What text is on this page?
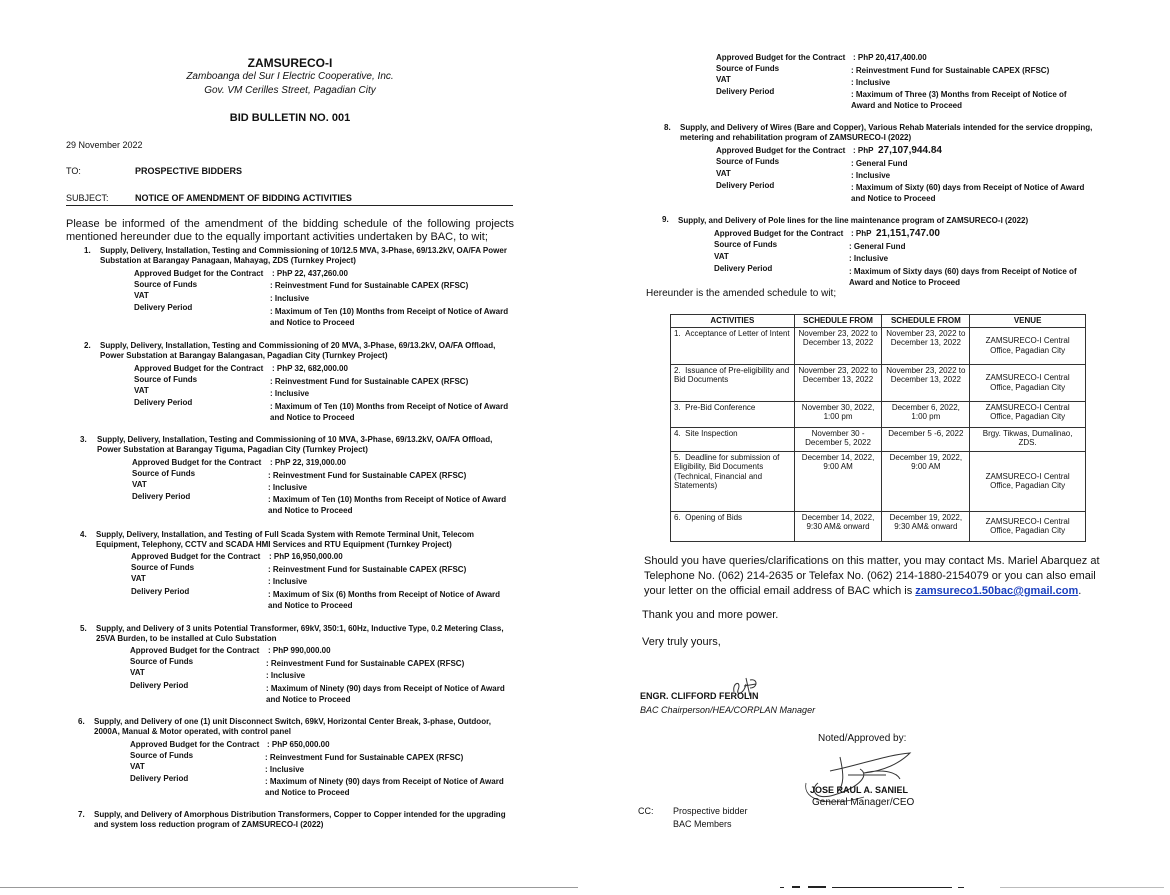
ZAMSURECO-I
Zamboanga del Sur I Electric Cooperative, Inc.
Gov. VM Cerilles Street, Pagadian City
BID BULLETIN NO. 001
29 November 2022
TO:	PROSPECTIVE BIDDERS
SUBJECT:	NOTICE OF AMENDMENT OF BIDDING ACTIVITIES
Please be informed of the amendment of the bidding schedule of the following projects mentioned hereunder due to the equally important activities undertaken by BAC, to wit;
1. Supply, Delivery, Installation, Testing and Commissioning of 10/12.5 MVA, 3-Phase, 69/13.2kV, OA/FA Power Substation at Barangay Panagaan, Mahayag, ZDS (Turnkey Project)
Approved Budget for the Contract : PhP 22, 437,260.00
Source of Funds	: Reinvestment Fund for Sustainable CAPEX (RFSC)
VAT	: Inclusive
Delivery Period	: Maximum of Ten (10) Months from Receipt of Notice of Award and Notice to Proceed
2. Supply, Delivery, Installation, Testing and Commissioning of 20 MVA, 3-Phase, 69/13.2kV, OA/FA Offload, Power Substation at Barangay Balangasan, Pagadian City (Turnkey Project)
Approved Budget for the Contract : PhP 32, 682,000.00
Source of Funds	: Reinvestment Fund for Sustainable CAPEX (RFSC)
VAT	: Inclusive
Delivery Period	: Maximum of Ten (10) Months from Receipt of Notice of Award and Notice to Proceed
3. Supply, Delivery, Installation, Testing and Commissioning of 10 MVA, 3-Phase, 69/13.2kV, OA/FA Offload, Power Substation at Barangay Tiguma, Pagadian City (Turnkey Project)
Approved Budget for the Contract : PhP 22, 319,000.00
Source of Funds	: Reinvestment Fund for Sustainable CAPEX (RFSC)
VAT	: Inclusive
Delivery Period	: Maximum of Ten (10) Months from Receipt of Notice of Award and Notice to Proceed
4. Supply, Delivery, Installation, and Testing of Full Scada System with Remote Terminal Unit, Telecom Equipment, Telephony, CCTV and SCADA HMI Services and RTU Equipment (Turnkey Project)
Approved Budget for the Contract : PhP 16,950,000.00
Source of Funds	: Reinvestment Fund for Sustainable CAPEX (RFSC)
VAT	: Inclusive
Delivery Period	: Maximum of Six (6) Months from Receipt of Notice of Award and Notice to Proceed
5. Supply, and Delivery of 3 units Potential Transformer, 69kV, 350:1, 60Hz, Inductive Type, 0.2 Metering Class, 25VA Burden, to be installed at Culo Substation
Approved Budget for the Contract : PhP 990,000.00
Source of Funds	: Reinvestment Fund for Sustainable CAPEX (RFSC)
VAT	: Inclusive
Delivery Period	: Maximum of Ninety (90) days from Receipt of Notice of Award and Notice to Proceed
6. Supply, and Delivery of one (1) unit Disconnect Switch, 69kV, Horizontal Center Break, 3-phase, Outdoor, 2000A, Manual & Motor operated, with control panel
Approved Budget for the Contract : PhP 650,000.00
Source of Funds	: Reinvestment Fund for Sustainable CAPEX (RFSC)
VAT	: Inclusive
Delivery Period	: Maximum of Ninety (90) days from Receipt of Notice of Award and Notice to Proceed
7. Supply, and Delivery of Amorphous Distribution Transformers, Copper to Copper intended for the upgrading and system loss reduction program of ZAMSURECO-I (2022)
Approved Budget for the Contract : PhP 20,417,400.00
Source of Funds	: Reinvestment Fund for Sustainable CAPEX (RFSC)
VAT	: Inclusive
Delivery Period	: Maximum of Three (3) Months from Receipt of Notice of Award and Notice to Proceed
8. Supply, and Delivery of Wires (Bare and Copper), Various Rehab Materials intended for the service dropping, metering and rehabilitation program of ZAMSURECO-I (2022)
Approved Budget for the Contract : PhP 27,107,944.84
Source of Funds	: General Fund
VAT	: Inclusive
Delivery Period	: Maximum of Sixty (60) days from Receipt of Notice of Award and Notice to Proceed
9. Supply, and Delivery of Pole lines for the line maintenance program of ZAMSURECO-I (2022)
Approved Budget for the Contract : PhP 21,151,747.00
Source of Funds	: General Fund
VAT	: Inclusive
Delivery Period	: Maximum of Sixty days (60) days from Receipt of Notice of Award and Notice to Proceed
Hereunder is the amended schedule to wit;
ACTIVITIES	SCHEDULE FROM	SCHEDULE FROM	VENUE
1. Acceptance of Letter of Intent	November 23, 2022 to December 13, 2022	November 23, 2022 to December 13, 2022	ZAMSURECO-I Central Office, Pagadian City
2. Issuance of Pre-eligibility and Bid Documents	November 23, 2022 to December 13, 2022	November 23, 2022 to December 13, 2022	ZAMSURECO-I Central Office, Pagadian City
3. Pre-Bid Conference	November 30, 2022, 1:00 pm	December 6, 2022, 1:00 pm	ZAMSURECO-I Central Office, Pagadian City
4. Site Inspection	November 30 - December 5, 2022	December 5 -6, 2022	Brgy. Tikwas, Dumalinao, ZDS.
5. Deadline for submission of Eligibility, Bid Documents (Technical, Financial and Statements)	December 14, 2022, 9:00 AM	December 19, 2022, 9:00 AM	ZAMSURECO-I Central Office, Pagadian City
6. Opening of Bids	December 14, 2022, 9:30 AM& onward	December 19, 2022, 9:30 AM& onward	ZAMSURECO-I Central Office, Pagadian City
Should you have queries/clarifications on this matter, you may contact Ms. Mariel Abarquez at Telephone No. (062) 214-2635 or Telefax No. (062) 214-1880-2154079 or you can also email your letter on the official email address of BAC which is zamsureco1.50bac@gmail.com.
Thank you and more power.
Very truly yours,
ENGR. CLIFFORD FEROLIN
BAC Chairperson/HEA/CORPLAN Manager
Noted/Approved by:
JOSE RAUL A. SANIEL
General Manager/CEO
CC: Prospective bidder
BAC Members
